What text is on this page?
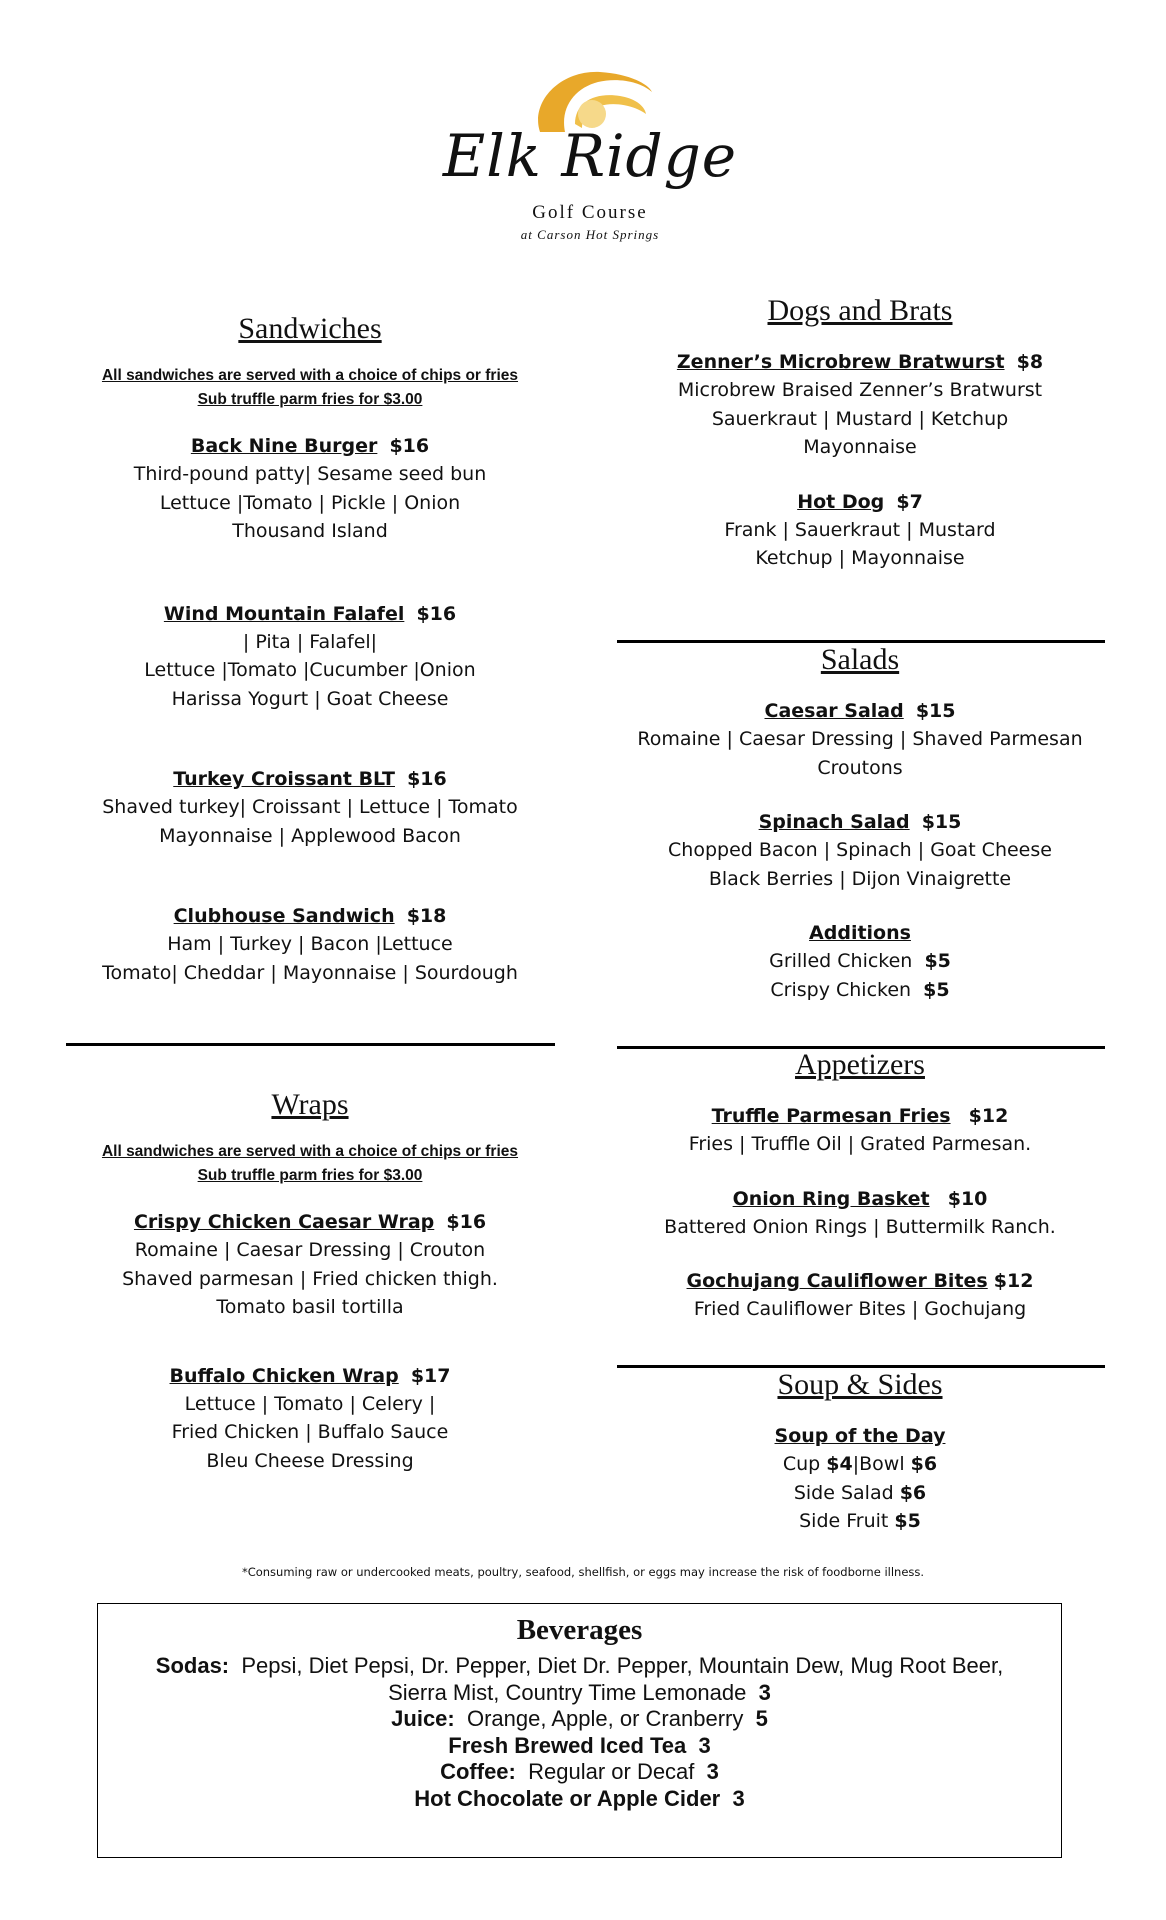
Elk Ridge
Golf Course
at Carson Hot Springs
Sandwiches
All sandwiches are served with a choice of chips or fries
Sub truffle parm fries for $3.00
Back Nine Burger $16
Third-pound patty| Sesame seed bun
Lettuce |Tomato | Pickle | Onion
Thousand Island
Wind Mountain Falafel $16
| Pita | Falafel|
Lettuce |Tomato |Cucumber |Onion
Harissa Yogurt | Goat Cheese
Turkey Croissant BLT $16
Shaved turkey| Croissant | Lettuce | Tomato
Mayonnaise | Applewood Bacon
Clubhouse Sandwich $18
Ham | Turkey | Bacon |Lettuce
Tomato| Cheddar | Mayonnaise | Sourdough
Wraps
All sandwiches are served with a choice of chips or fries
Sub truffle parm fries for $3.00
Crispy Chicken Caesar Wrap $16
Romaine | Caesar Dressing | Crouton
Shaved parmesan | Fried chicken thigh.
Tomato basil tortilla
Buffalo Chicken Wrap $17
Lettuce | Tomato | Celery |
Fried Chicken | Buffalo Sauce
Bleu Cheese Dressing
Dogs and Brats
Zenner’s Microbrew Bratwurst $8
Microbrew Braised Zenner’s Bratwurst
Sauerkraut | Mustard | Ketchup
Mayonnaise
Hot Dog $7
Frank | Sauerkraut | Mustard
Ketchup | Mayonnaise
Salads
Caesar Salad $15
Romaine | Caesar Dressing | Shaved Parmesan
Croutons
Spinach Salad $15
Chopped Bacon | Spinach | Goat Cheese
Black Berries | Dijon Vinaigrette
Additions
Grilled Chicken $5
Crispy Chicken $5
Appetizers
Truffle Parmesan Fries $12
Fries | Truffle Oil | Grated Parmesan.
Onion Ring Basket $10
Battered Onion Rings | Buttermilk Ranch.
Gochujang Cauliflower Bites $12
Fried Cauliflower Bites | Gochujang
Soup & Sides
Soup of the Day
Cup $4|Bowl $6
Side Salad $6
Side Fruit $5
*Consuming raw or undercooked meats, poultry, seafood, shellfish, or eggs may increase the risk of foodborne illness.
Beverages
Sodas: Pepsi, Diet Pepsi, Dr. Pepper, Diet Dr. Pepper, Mountain Dew, Mug Root Beer,
Sierra Mist, Country Time Lemonade 3
Juice: Orange, Apple, or Cranberry 5
Fresh Brewed Iced Tea 3
Coffee: Regular or Decaf 3
Hot Chocolate or Apple Cider 3
